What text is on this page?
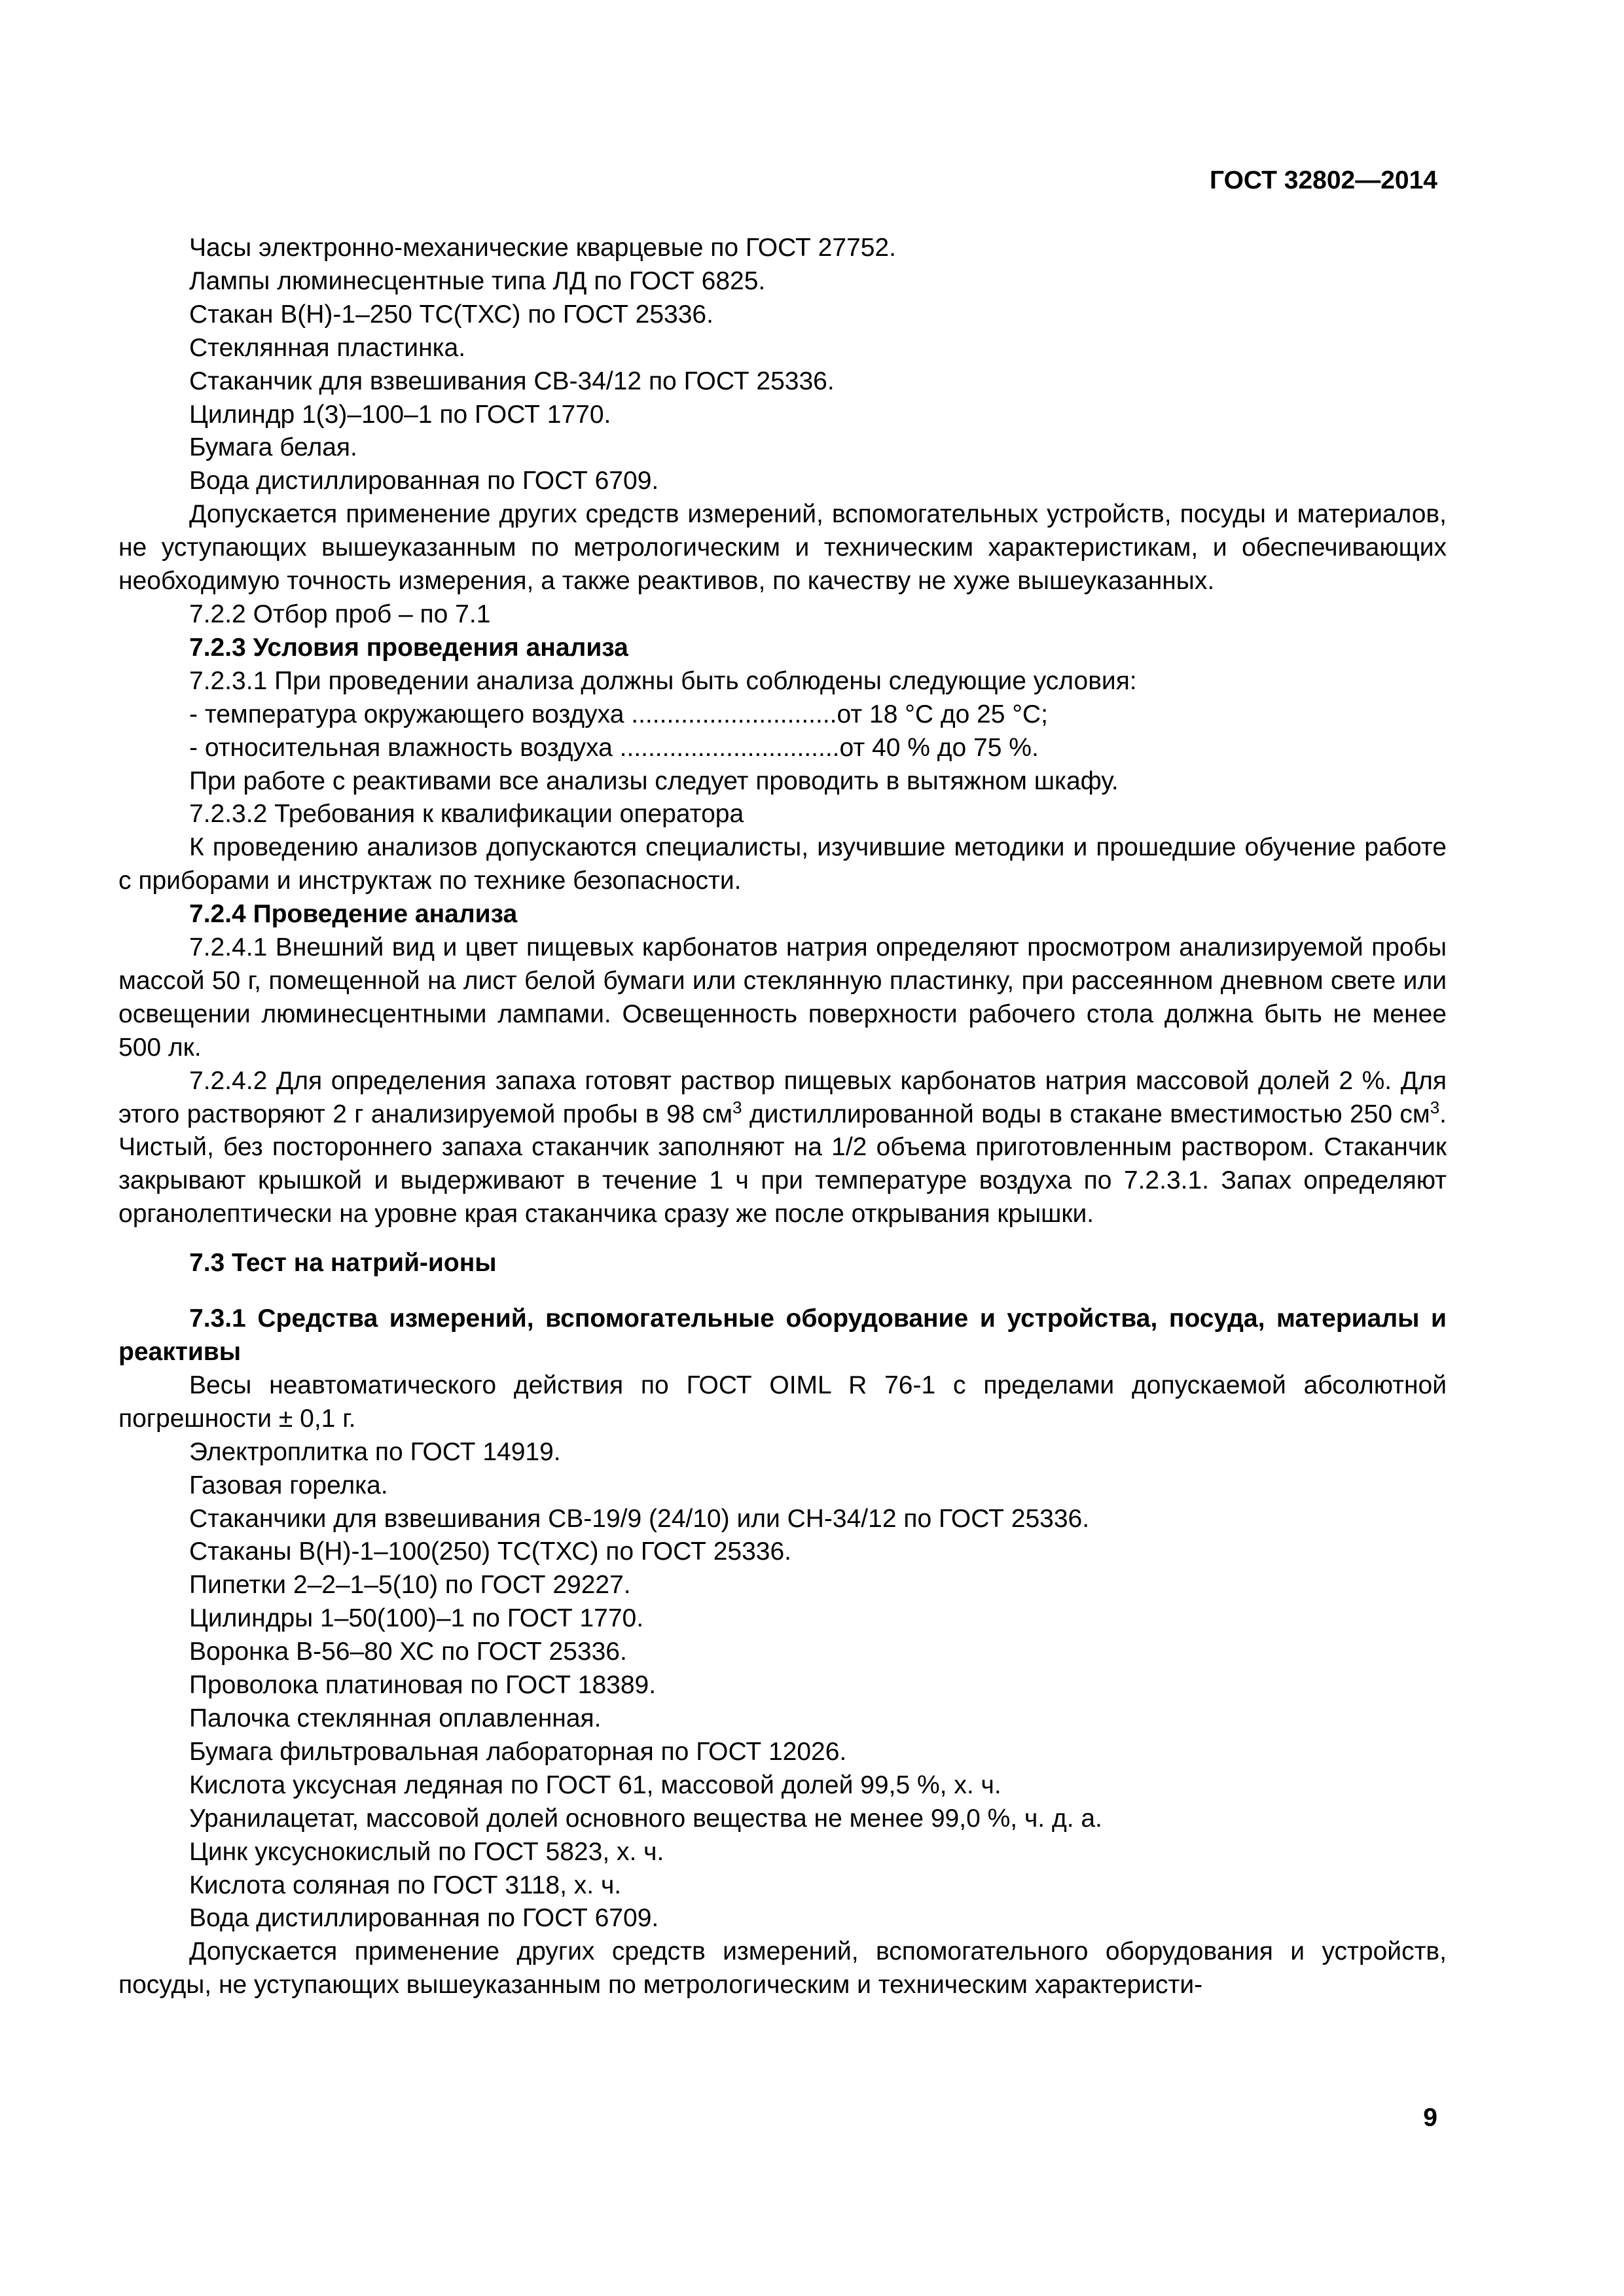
ГОСТ 32802—2014

Часы электронно-механические кварцевые по ГОСТ 27752.

Лампы люминесцентные типа ЛД по ГОСТ 6825.

Стакан В(Н)-1–250 ТС(ТХС) по ГОСТ 25336.

Стеклянная пластинка.

Стаканчик для взвешивания СВ-34/12 по ГОСТ 25336.

Цилиндр 1(3)–100–1 по ГОСТ 1770.

Бумага белая.

Вода дистиллированная по ГОСТ 6709.

Допускается применение других средств измерений, вспомогательных устройств, посуды и материалов, не уступающих вышеуказанным по метрологическим и техническим характеристикам, и обеспечивающих необходимую точность измерения, а также реактивов, по качеству не хуже вышеуказанных.

7.2.2 Отбор проб – по 7.1

7.2.3 Условия проведения анализа

7.2.3.1 При проведении анализа должны быть соблюдены следующие условия:

- температура окружающего воздуха .............................от 18 °С до 25 °С;

- относительная влажность воздуха ...............................от 40 % до 75 %.

При работе с реактивами все анализы следует проводить в вытяжном шкафу.

7.2.3.2 Требования к квалификации оператора

К проведению анализов допускаются специалисты, изучившие методики и прошедшие обучение работе с приборами и инструктаж по технике безопасности.

7.2.4 Проведение анализа

7.2.4.1 Внешний вид и цвет пищевых карбонатов натрия определяют просмотром анализируемой пробы массой 50 г, помещенной на лист белой бумаги или стеклянную пластинку, при рассеянном дневном свете или освещении люминесцентными лампами. Освещенность поверхности рабочего стола должна быть не менее 500 лк.

7.2.4.2 Для определения запаха готовят раствор пищевых карбонатов натрия массовой долей 2 %. Для этого растворяют 2 г анализируемой пробы в 98 $см^3$ дистиллированной воды в стакане вместимостью 250 $см^3$. Чистый, без постороннего запаха стаканчик заполняют на 1/2 объема приготовленным раствором. Стаканчик закрывают крышкой и выдерживают в течение 1 ч при температуре воздуха по 7.2.3.1. Запах определяют органолептически на уровне края стаканчика сразу же после открывания крышки.

7.3 Тест на натрий-ионы

7.3.1 Средства измерений, вспомогательные оборудование и устройства, посуда, материалы и реактивы

Весы неавтоматического действия по ГОСТ OIML R 76-1 с пределами допускаемой абсолютной погрешности ± 0,1 г.

Электроплитка по ГОСТ 14919.

Газовая горелка.

Стаканчики для взвешивания СВ-19/9 (24/10) или СН-34/12 по ГОСТ 25336.

Стаканы В(Н)-1–100(250) ТС(ТХС) по ГОСТ 25336.

Пипетки 2–2–1–5(10) по ГОСТ 29227.

Цилиндры 1–50(100)–1 по ГОСТ 1770.

Воронка В-56–80 ХС по ГОСТ 25336.

Проволока платиновая по ГОСТ 18389.

Палочка стеклянная оплавленная.

Бумага фильтровальная лабораторная по ГОСТ 12026.

Кислота уксусная ледяная по ГОСТ 61, массовой долей 99,5 %, х. ч.

Уранилацетат, массовой долей основного вещества не менее 99,0 %, ч. д. а.

Цинк уксуснокислый по ГОСТ 5823, х. ч.

Кислота соляная по ГОСТ 3118, х. ч.

Вода дистиллированная по ГОСТ 6709.

Допускается применение других средств измерений, вспомогательного оборудования и устройств, посуды, не уступающих вышеуказанным по метрологическим и техническим характеристи-

9
